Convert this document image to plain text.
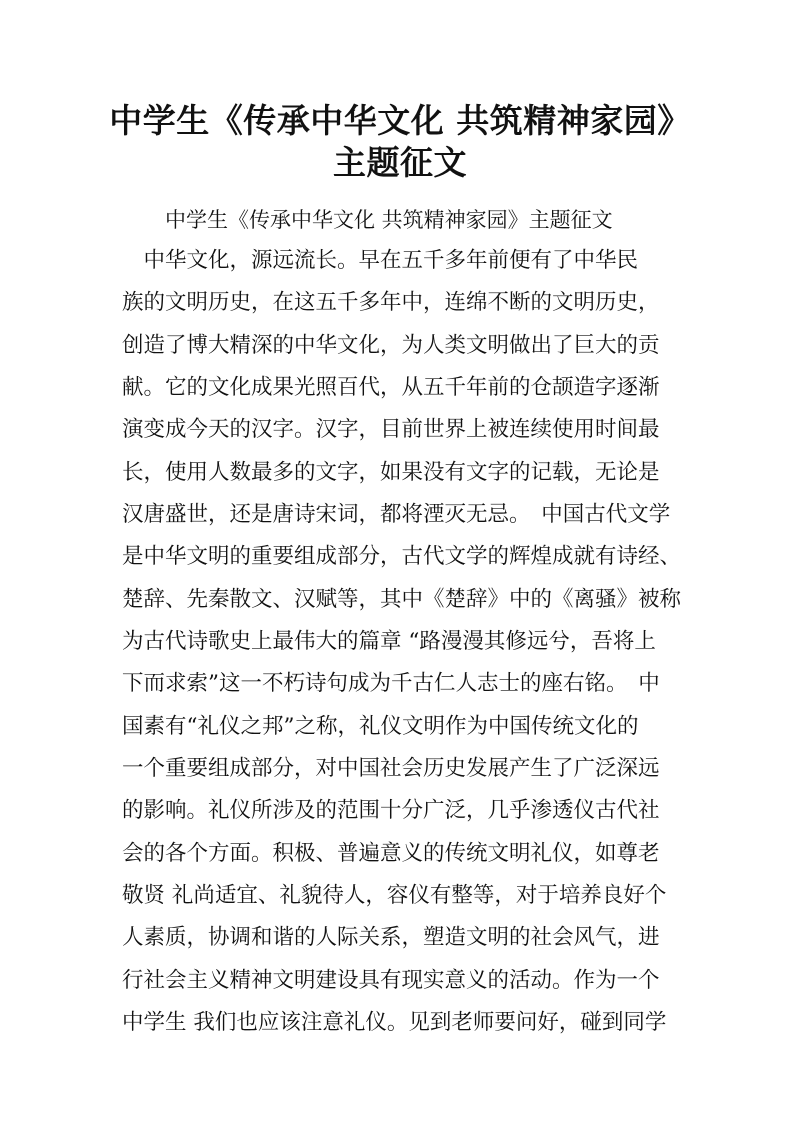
中学生《传承中华文化 共筑精神家园》
主题征文
中学生《传承中华文化 共筑精神家园》主题征文
　中华文化，源远流长。早在五千多年前便有了中华民
族的文明历史，在这五千多年中，连绵不断的文明历史，
创造了博大精深的中华文化，为人类文明做出了巨大的贡
献。它的文化成果光照百代，从五千年前的仓颉造字逐渐
演变成今天的汉字。汉字，目前世界上被连续使用时间最
长，使用人数最多的文字，如果没有文字的记载，无论是
汉唐盛世，还是唐诗宋词，都将湮灭无忌。　中国古代文学
是中华文明的重要组成部分，古代文学的辉煌成就有诗经、
楚辞、先秦散文、汉赋等，其中《楚辞》中的《离骚》被称
为古代诗歌史上最伟大的篇章 “路漫漫其修远兮，吾将上
下而求索”这一不朽诗句成为千古仁人志士的座右铭。　中
国素有“礼仪之邦”之称，礼仪文明作为中国传统文化的
一个重要组成部分，对中国社会历史发展产生了广泛深远
的影响。礼仪所涉及的范围十分广泛，几乎渗透仪古代社
会的各个方面。积极、普遍意义的传统文明礼仪，如尊老
敬贤 礼尚适宜、礼貌待人，容仪有整等，对于培养良好个
人素质，协调和谐的人际关系，塑造文明的社会风气，进
行社会主义精神文明建设具有现实意义的活动。作为一个
中学生 我们也应该注意礼仪。见到老师要问好，碰到同学
